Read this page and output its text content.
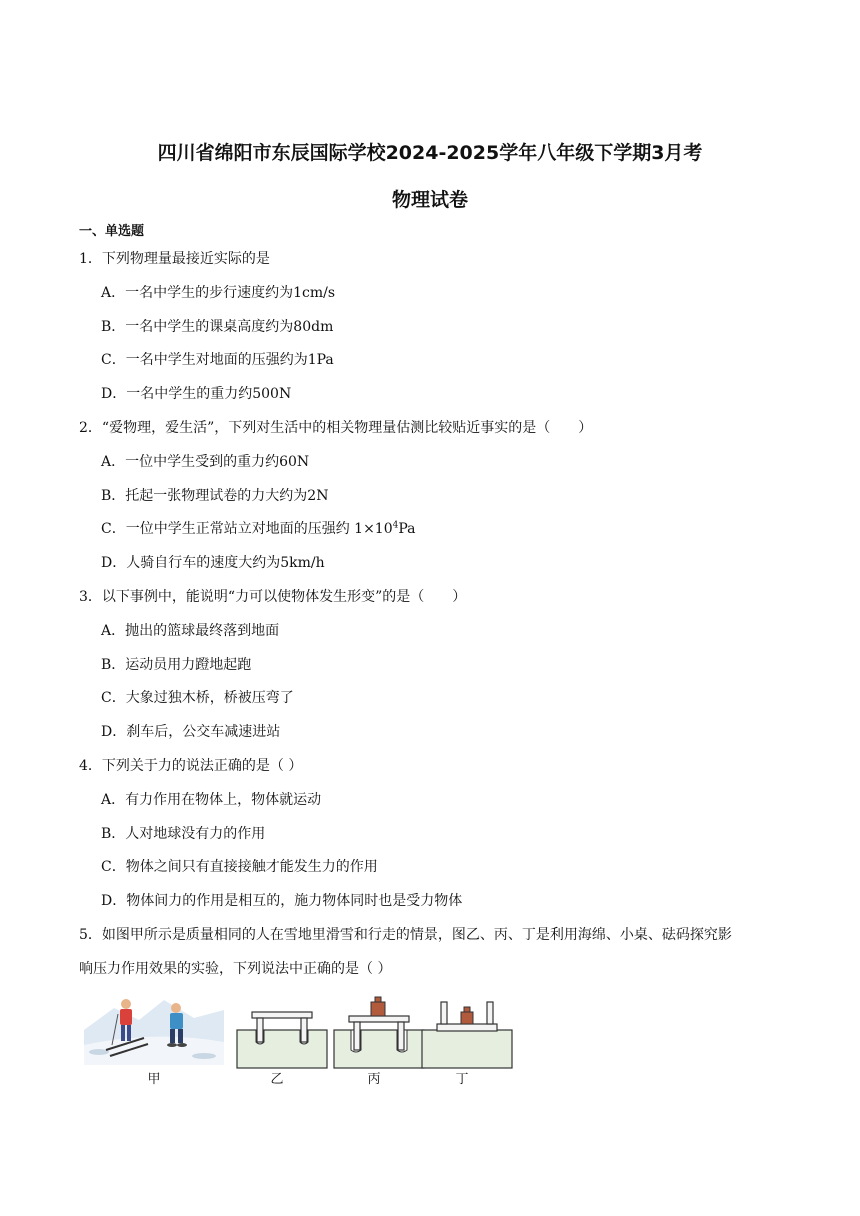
四川省绵阳市东辰国际学校2024-2025学年八年级下学期3月考
物理试卷
一、单选题
1．下列物理量最接近实际的是
A．一名中学生的步行速度约为1cm/s
B．一名中学生的课桌高度约为80dm
C．一名中学生对地面的压强约为1Pa
D．一名中学生的重力约500N
2．“爱物理，爱生活”，下列对生活中的相关物理量估测比较贴近事实的是（　　）
A．一位中学生受到的重力约60N
B．托起一张物理试卷的力大约为2N
C．一位中学生正常站立对地面的压强约 $1\times 10^4Pa$
D．人骑自行车的速度大约为5km/h
3．以下事例中，能说明“力可以使物体发生形变”的是（　　）
A．抛出的篮球最终落到地面
B．运动员用力蹬地起跑
C．大象过独木桥，桥被压弯了
D．刹车后，公交车减速进站
4．下列关于力的说法正确的是（ ）
A．有力作用在物体上，物体就运动
B．人对地球没有力的作用
C．物体之间只有直接接触才能发生力的作用
D．物体间力的作用是相互的，施力物体同时也是受力物体
5．如图甲所示是质量相同的人在雪地里滑雪和行走的情景，图乙、丙、丁是利用海绵、小桌、砝码探究影
响压力作用效果的实验，下列说法中正确的是（ ）
甲	乙	丙	丁
